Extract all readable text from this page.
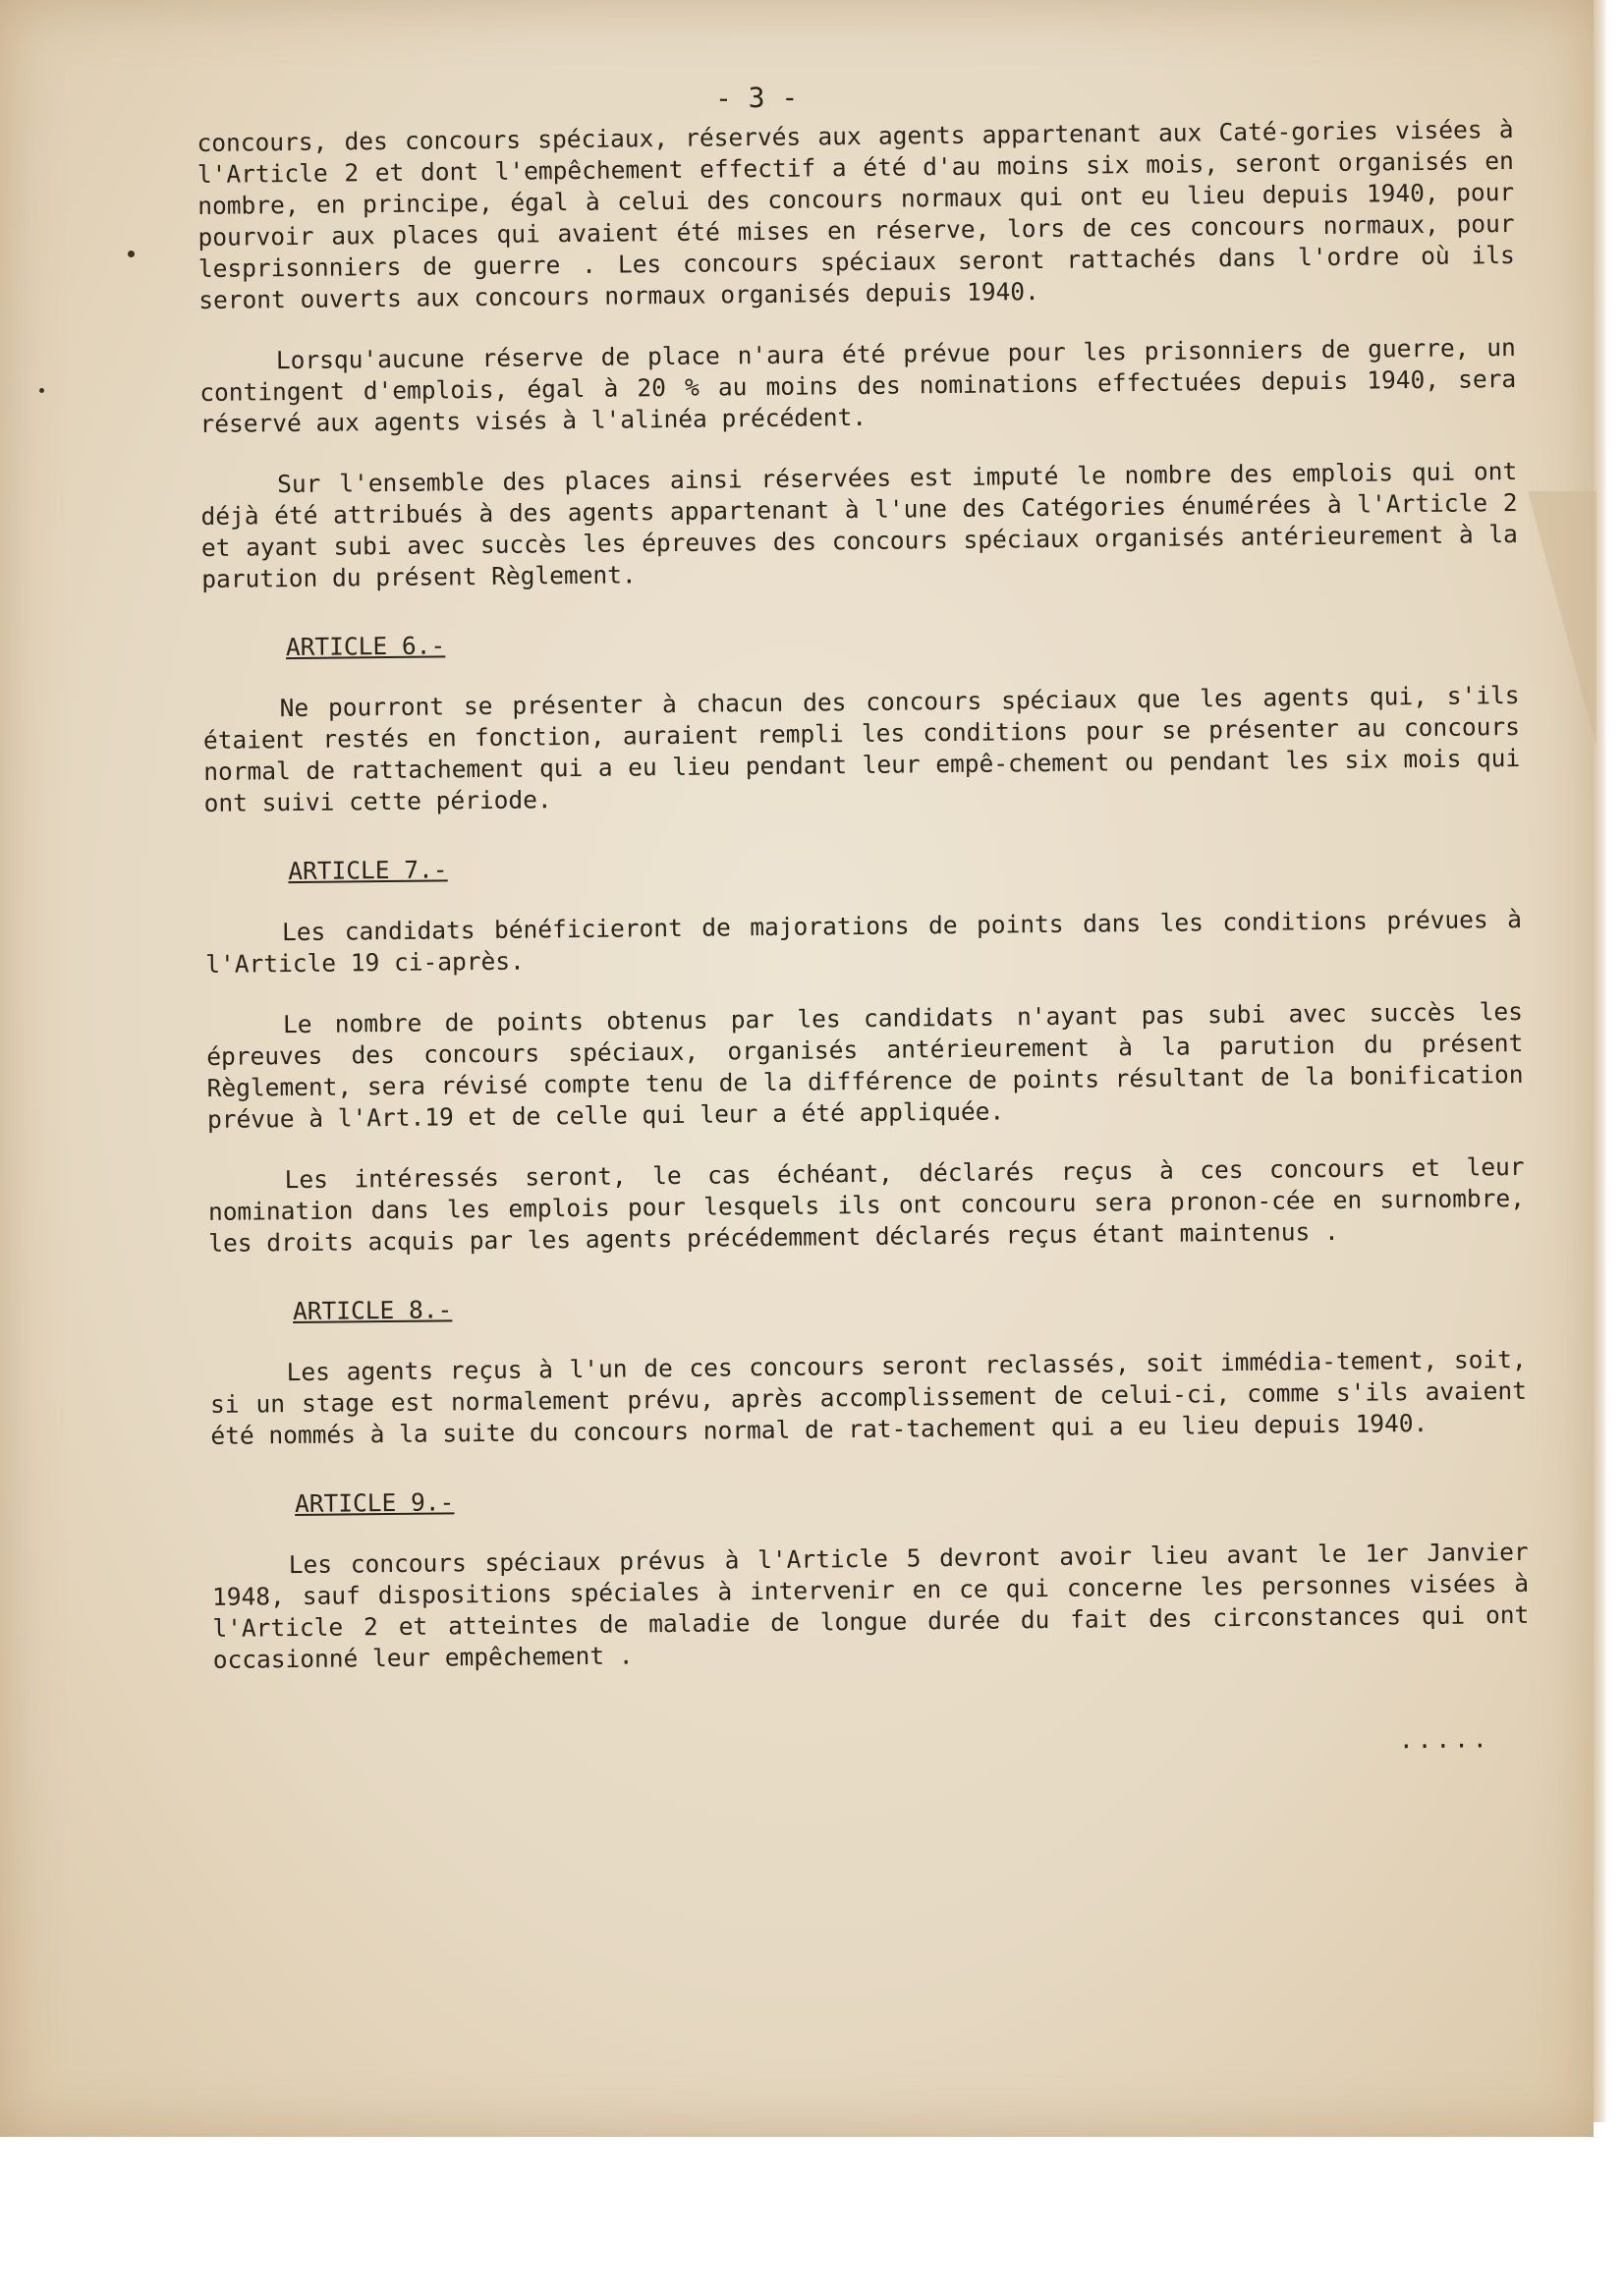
- 3 -

concours, des concours spéciaux, réservés aux agents appartenant aux Caté-gories visées à l'Article 2 et dont l'empêchement effectif a été d'au moins six mois, seront organisés en nombre, en principe, égal à celui des concours normaux qui ont eu lieu depuis 1940, pour pourvoir aux places qui avaient été mises en réserve, lors de ces concours normaux, pour lesprisonniers de guerre . Les concours spéciaux seront rattachés dans l'ordre où ils seront ouverts aux concours normaux organisés depuis 1940.

Lorsqu'aucune réserve de place n'aura été prévue pour les prisonniers de guerre, un contingent d'emplois, égal à 20 % au moins des nominations effectuées depuis 1940, sera réservé aux agents visés à l'alinéa précédent.

Sur l'ensemble des places ainsi réservées est imputé le nombre des emplois qui ont déjà été attribués à des agents appartenant à l'une des Catégories énumérées à l'Article 2 et ayant subi avec succès les épreuves des concours spéciaux organisés antérieurement à la parution du présent Règlement.

ARTICLE 6.-

Ne pourront se présenter à chacun des concours spéciaux que les agents qui, s'ils étaient restés en fonction, auraient rempli les conditions pour se présenter au concours normal de rattachement qui a eu lieu pendant leur empê-chement ou pendant les six mois qui ont suivi cette période.

ARTICLE 7.-

Les candidats bénéficieront de majorations de points dans les conditions prévues à l'Article 19 ci-après.

Le nombre de points obtenus par les candidats n'ayant pas subi avec succès les épreuves des concours spéciaux, organisés antérieurement à la parution du présent Règlement, sera révisé compte tenu de la différence de points résultant de la bonification prévue à l'Art.19 et de celle qui leur a été appliquée.

Les intéressés seront, le cas échéant, déclarés reçus à ces concours et leur nomination dans les emplois pour lesquels ils ont concouru sera pronon-cée en surnombre, les droits acquis par les agents précédemment déclarés reçus étant maintenus .

ARTICLE 8.-

Les agents reçus à l'un de ces concours seront reclassés, soit immédia-tement, soit, si un stage est normalement prévu, après accomplissement de celui-ci, comme s'ils avaient été nommés à la suite du concours normal de rat-tachement qui a eu lieu depuis 1940.

ARTICLE 9.-

Les concours spéciaux prévus à l'Article 5 devront avoir lieu avant le 1er Janvier 1948, sauf dispositions spéciales à intervenir en ce qui concerne les personnes visées à l'Article 2 et atteintes de maladie de longue durée du fait des circonstances qui ont occasionné leur empêchement .

.....
